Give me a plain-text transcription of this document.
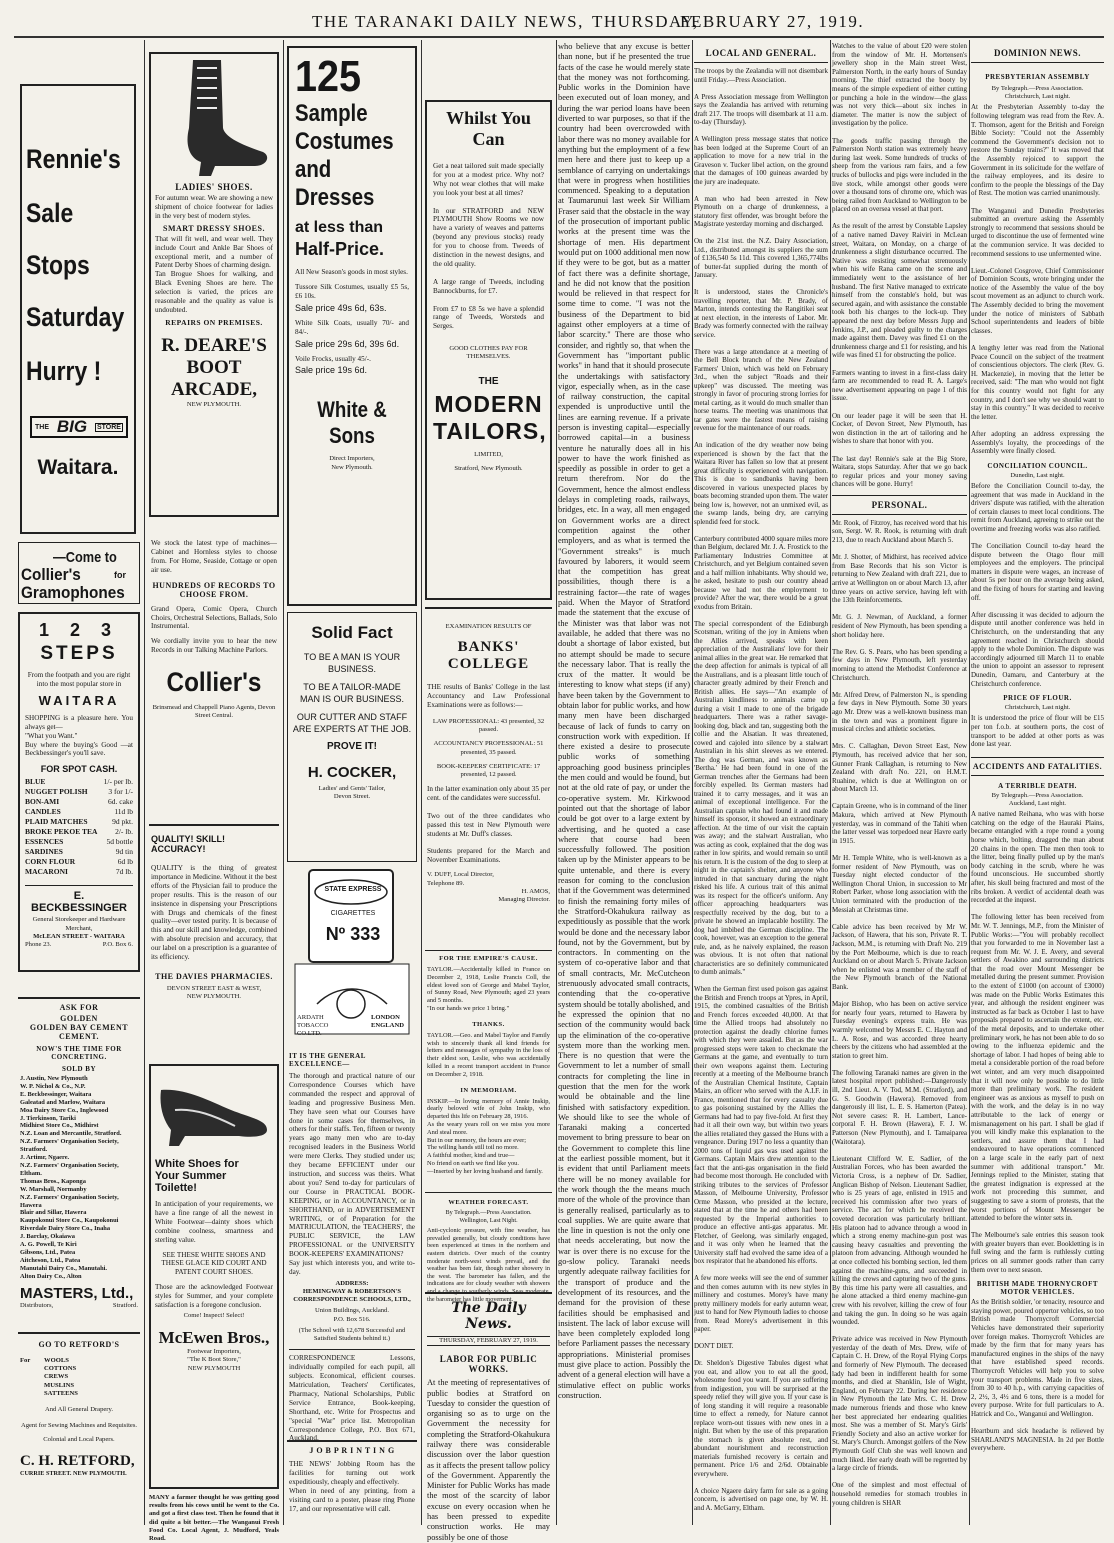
THE TARANAKI DAILY NEWS, THURSDAY,
FEBRUARY 27, 1919.
Rennie's
Sale
Stops
Saturday
Hurry !
THE BIG STORE
Waitara.
—Come to
Collier's	for
Gramophones
1 2 3
STEPS
From the footpath and you are right into the most popular store in
WAITARA
SHOPPING is a pleasure here. You always get—
"What you Want."
Buy where the buying's Good —at Beckbessinger's you'll save.
FOR SPOT CASH.
BLUE	1/- per lb.
NUGGET POLISH	3 for 1/-
BON-AMI	6d. cake
CANDLES	11d lb
PLAID MATCHES	9d pkt.
BROKE PEKOE TEA 2/- lb.
ESSENCES	5d bottle
SARDINES	9d tin
CORN FLOUR	6d lb
MACARONI	7d lb.
E. BECKBESSINGER
General Storekeeper and Hardware Merchant,
McLEAN STREET - WAITARA
Phone 23.	P.O. Box 6.
ASK FOR
GOLDEN
GOLDEN BAY CEMENT
CEMENT.
NOW'S THE TIME FOR CONCRETING.
SOLD BY
J. Austin, New Plymouth
W. P. Nichol & Co., N.P.
E. Beckbessinger, Waitara
Galeatad and Marlow, Waitara
Moa Dairy Store Co., Inglewood
J. Tierkinson, Tariki
Midhirst Store Co., Midhirst
N.Z. Loan and Mercantile, Stratford.
N.Z. Farmers' Organisation Society, Stratford.
J. Artimr, Ngaere.
N.Z. Farmers' Organisation Society, Eltham.
Thomas Bros., Kaponga
W. Marshall, Normanby
N.Z. Farmers' Organisation Society, Hawera
Blair and Sillar, Hawera
Kaupokonui Store Co., Kaupokonui
Riverdale Dairy Store Co., Inaha
J. Barclay, Okaiawa
A. G. Powell, Te Kiri
Gibsons, Ltd., Patea
Aitcheson, Ltd., Patea
Manutahi Dairy Co., Manutahi.
Alton Dairy Co., Alton
MASTERS, Ltd.,
Distributors,	Stratford.
GO TO RETFORD'S
For	WOOLS
COTTONS
CREWS
MUSLINS
SATTEENS
And All General Drapery.
Agent for Sewing Machines and Requisites.
Colonial and Local Papers.
C. H. RETFORD,
CURRIE STREET. NEW PLYMOUTH.
LADIES' SHOES.
For autumn wear. We are showing a new shipment of choice footwear for ladies in the very best of modern styles.
SMART DRESSY SHOES.
That will fit well, and wear well. They include Court and Ankle Bar Shoes of exceptional merit, and a number of Patent Derby Shoes of charming design.
Tan Brogue Shoes for walking, and Black Evening Shoes are here. The selection is varied, the prices are reasonable and the quality as value is undoubted.
REPAIRS ON PREMISES.
R. DEARE'S
BOOT
ARCADE,
NEW PLYMOUTH.
We stock the latest type of machines—Cabinet and Hornless styles to choose from. For Home, Seaside, Cottage or open air use.
HUNDREDS OF RECORDS TO CHOOSE FROM.
Grand Opera, Comic Opera, Church Choirs, Orchestral Selections, Ballads, Solo Instrumental.
We cordially invite you to hear the new Records in our Talking Machine Parlors.
Collier's
Brinsmead and Chappell Piano Agents, Devon Street Central.
QUALITY! SKILL! ACCURACY!
QUALITY is the thing of greatest importance in Medicine. Without it the best efforts of the Physician fail to produce the proper results. This is the reason of our insistence in dispensing your Prescriptions with Drugs and chemicals of the finest quality—ever tested purity. It is because of this and our skill and knowledge, combined with absolute precision and accuracy, that our label on a prescription is a guarantee of its efficiency.
THE DAVIES PHARMACIES.
DEVON STREET EAST & WEST,
NEW PLYMOUTH.
White Shoes for
Your Summer
Toilette!
In anticipation of your requirements, we have a fine range of all the newest in White Footwear—dainty shoes which combine coolness, smartness and sterling value.
SEE THESE WHITE SHOES AND THESE GLACE KID COURT AND PATENT COURT SHOES.
Those are the acknowledged Footwear styles for Summer, and your complete satisfaction is a foregone conclusion.
Come! Inspect! Select!
McEwen Bros.,
Footwear Importers,
"The K Boot Store,"
NEW PLYMOUTH
MANY a farmer thought he was getting good results from his cows until he went to the Co. and got a first class test. Then he found that it did quite a bit better.—The Wanganui Fresh Food Co. Local Agent, J. Mudford, Yeals Road.
125
Sample
Costumes
and
Dresses
at less than
Half-Price.
All New Season's goods in most styles.
Tussore Silk Costumes, usually £5 5s, £6 10s.
Sale price 49s 6d, 63s.
White Silk Coats, usually 70/- and 84/-.
Sale price 29s 6d, 39s 6d.
Voile Frocks, usually 45/-.
Sale price 19s 6d.
White & Sons
Direct Importers,
New Plymouth.
Solid Fact
TO BE A MAN IS YOUR BUSINESS.
TO BE A TAILOR-MADE MAN IS OUR BUSINESS.
OUR CUTTER AND STAFF ARE EXPERTS AT THE JOB.
PROVE IT!
H. COCKER,
Ladies' and Gents' Tailor,
Devon Street.
STATE EXPRESS
CIGARETTES
Nº 333
ARDATH TOBACCO CO.LTD.
LONDON ENGLAND
IT IS THE GENERAL EXCELLENCE—
The thorough and practical nature of our Correspondence Courses which have commanded the respect and approval of leading and progressive Business Men. They have seen what our Courses have done in some cases for themselves, in others for their staffs. Ten, fifteen or twenty years ago many men who are to-day recognised leaders in the Business World were mere Clerks. They studied under us; they became EFFICIENT under our instruction, and success was theirs. What about you? Send to-day for particulars of our Course in PRACTICAL BOOK-KEEPING, or in ACCOUNTANCY, or in SHORTHAND, or in ADVERTISEMENT WRITING, or of Preparation for the MATRICULATION, the TEACHERS', the PUBLIC SERVICE, the LAW PROFESSIONAL or the UNIVERSITY BOOK-KEEPERS' EXAMINATIONS?
Say just which interests you, and write to-day.
ADDRESS:
HEMINGWAY & ROBERTSON'S CORRESPONDENCE SCHOOLS, LTD.,
Union Buildings, Auckland.
P.O. Box 516.
(The School with 12,678 Successful and Satisfied Students behind it.)
CORRESPONDENCE Lessons, individually compiled for each pupil, all subjects. Economical, efficient courses. Matriculation, Teachers' Certificates, Pharmacy, National Scholarships, Public Service Entrance, Book-keeping, Shorthand, etc. Write for Prospectus and "special "War" price list. Metropolitan Correspondence College, P.O. Box 671, Auckland.
J O B P R I N T I N G
THE NEWS' Jobbing Room has the facilities for turning out work expeditiously, cheaply and effectively.
When in need of any printing, from a visiting card to a poster, please ring Phone 17, and our representative will call.
Whilst You Can
Get a neat tailored suit made specially for you at a modest price. Why not? Why not wear clothes that will make you look your best at all times?

In our STRATFORD and NEW PLYMOUTH Show Rooms we now have a variety of weaves and patterns (beyond any previous stocks) ready for you to choose from. Tweeds of distinction in the newest designs, and the old quality.

A large range of Tweeds, including Bannockburns, for £7.

From £7 to £8 5s we have a splendid range of Tweeds, Worsteds and Serges.
GOOD CLOTHES PAY FOR THEMSELVES.
THE
MODERN
TAILORS,
LIMITED,
Stratford, New Plymouth.
EXAMINATION RESULTS OF
BANKS' COLLEGE
THE results of Banks' College in the last Accountancy and Law Professional Examinations were as follows:—
LAW PROFESSIONAL: 43 presented, 32 passed.
ACCOUNTANCY PROFESSIONAL: 51 presented, 35 passed.
BOOK-KEEPERS' CERTIFICATE: 17 presented, 12 passed.
In the latter examination only about 35 per cent. of the candidates were successful.

Two out of the three candidates who passed this test in New Plymouth were students at Mr. Duff's classes.

Students prepared for the March and November Examinations.
V. DUFF, Local Director,
Telephone 89.
H. AMOS,
Managing Director.
FOR THE EMPIRE'S CAUSE.
TAYLOR.—Accidentally killed in France on December 2, 1918, Leslie Francis Coll, the eldest loved son of George and Mabel Taylor, of Sunny Road, New Plymouth; aged 23 years and 5 months.
"In our hands we price 1 bring."
THANKS.
TAYLOR.—Geo. and Mabel Taylor and Family wish to sincerely thank all kind friends for letters and messages of sympathy in the loss of their eldest son, Leslie, who was accidentally killed in a recent transport accident in France on December 2, 1918.
IN MEMORIAM.
INSKIP.—In loving memory of Annie Inskip, dearly beloved wife of John Inskip, who departed this life on February 28, 1916.
As the weary years roll on we miss you more And steal more.
But in our memory, the hours are ever;
The willing hands still toil no more.
A faithful mother, kind and true—
No friend on earth we find like you.
—Inserted by her loving husband and family.
WEATHER FORECAST.
By Telegraph.—Press Association.
Wellington, Last Night.
Anti-cyclonic pressure, with fine weather, has prevailed generally, but cloudy conditions have been experienced at times in the northern and eastern districts. Over much of the country moderate north-west winds prevail, and the weather has been fair, though rather showery in the west. The barometer has fallen, and the indications are for cloudy weather with showers and a change to southerly winds. Seas moderate, the barometer has little movement.
The Daily News.
THURSDAY, FEBRUARY 27, 1919.
LABOR FOR PUBLIC WORKS.
At the meeting of representatives of public bodies at Stratford on Tuesday to consider the question of organising so as to urge on the Government the necessity for completing the Stratford-Okahukura railway there was considerable discussion over the labor question as it affects the present tallow policy of the Government. Apparently the Minister for Public Works has made the most of the scarcity of labor excuse on every occasion when he has been pressed to expedite construction works. He may possibly be one of those
who believe that any excuse is better than none, but if he presented the true facts of the case he would merely state that the money was not forthcoming. Public works in the Dominion have been executed out of loan money, and during the war period loans have been diverted to war purposes, so that if the country had been overcrowded with labor there was no money available for anything but the employment of a few men here and there just to keep up a semblance of carrying on undertakings that were in progress when hostilities commenced. Speaking to a deputation at Taumarunui last week Sir William Fraser said that the obstacle in the way of the prosecution of important public works at the present time was the shortage of men. His department would put on 1000 additional men now if they were to be got, but as a matter of fact there was a definite shortage, and he did not know that the position would be relieved in that respect for some time to come. "I was not the business of the Department to bid against other employers at a time of labor scarcity." There are those who consider, and rightly so, that when the Government has "important public works" in hand that it should prosecute the undertakings with satisfactory vigor, especially when, as in the case of railway construction, the capital expended is unproductive until the lines are earning revenue. If a private person is investing capital—especially borrowed capital—in a business venture he naturally does all in his power to have the work finished as speedily as possible in order to get a return therefrom. Nor do the Government, hence the almost endless delays in completing roads, railways, bridges, etc. In a way, all men engaged on Government works are a direct competition against the other employers, and as what is termed the "Government streaks" is much favoured by laborers, it would seem that the competition has great possibilities, though there is a restraining factor—the rate of wages paid. When the Mayor of Stratford made the statement that the excuse of the Minister was that labor was not available, he added that there was no doubt a shortage of labor existed, but no attempt should be made to secure the necessary labor. That is really the crux of the matter. It would be interesting to know what steps (if any) have been taken by the Government to obtain labor for public works, and how many men have been discharged because of lack of funds to carry on construction work with expedition. If there existed a desire to prosecute public works of something approaching good business principles the men could and would be found, but not at the old rate of pay, or under the co-operative system. Mr. Kirkwood pointed out that the shortage of labor could be got over to a large extent by advertising, and he quoted a case where that course had been successfully followed. The position taken up by the Minister appears to be quite untenable, and there is every reason for coming to the conclusion that if the Government was determined to finish the remaining forty miles of the Stratford-Okahukura railway as expeditiously as possible that the work would be done and the necessary labor found, not by the Government, but by contractors. In commenting on the system of co-operative labor and that of small contracts, Mr. McCutcheon strenuously advocated small contracts, contending that the co-operative system should be totally abolished, and he expressed the opinion that no section of the community would back up the elimination of the co-operative system more than the working men. There is no question that were the Government to let a number of small contracts for completing the line in question that the men for the work would be obtainable and the line finished with satisfactory expedition. We should like to see the whole of Taranaki making a concerted movement to bring pressure to bear on the Government to complete this line at the earliest possible moment, but it is evident that until Parliament meets there will be no money available for the work though the the means much more of the whole of the province than is generally realised, particularly as to coal supplies. We are quite aware that the line in question is not the only one that needs accelerating, but now the war is over there is no excuse for the go-slow policy. Taranaki needs urgently adequate railway facilities for the transport of produce and the development of its resources, and the demand for the provision of these facilities should be emphasised and insistent. The lack of labor excuse will have been completely exploded long before Parliament passes the necessary appropriations. Ministerial promises must give place to action. Possibly the advent of a general election will have a stimulative effect on public works construction.
LOCAL AND GENERAL.
The troops by the Zealandia will not disembark until Friday.—Press Association.

A Press Association message from Wellington says the Zealandia has arrived with returning draft 217. The troops will disembark at 11 a.m. to-day (Thursday).

A Wellington press message states that notice has been lodged at the Supreme Court of an application to move for a new trial in the Graveson v. Tucker libel action, on the ground that the damages of 100 guineas awarded by the jury are inadequate.

A man who had been arrested in New Plymouth on a charge of drunkenness, a statutory first offender, was brought before the Magistrate yesterday morning and discharged.

On the 21st inst. the N.Z. Dairy Association, Ltd., distributed amongst its suppliers the sum of £136,540 5s 11d. This covered 1,365,774lbs of butter-fat supplied during the month of January.

It is understood, states the Chronicle's travelling reporter, that Mr. P. Brady, of Marton, intends contesting the Rangitikei seat at next election, in the interests of Labor. Mr. Brady was formerly connected with the railway service.

There was a large attendance at a meeting of the Bell Block branch of the New Zealand Farmers' Union, which was held on February 3rd., when the subject "Roads and their upkeep" was discussed. The meeting was strongly in favor of procuring strong lorries for metal carting, as it would do much smaller than horse teams. The meeting was unanimous that tar gates were the fastest means of raising revenue for the maintenance of our roads.

An indication of the dry weather now being experienced is shown by the fact that the Waitara River has fallen so low that at present great difficulty is experienced with navigation. This is due to sandbanks having been discovered in various unexpected places by boats becoming stranded upon them. The water being low is, however, not an unmixed evil, as the swamp lands, being dry, are carrying splendid feed for stock.

Canterbury contributed 4000 square miles more than Belgium, declared Mr. J. A. Frostick to the Parliamentary Industries Committee at Christchurch, and yet Belgium contained seven and a half million inhabitants. Why should we, he asked, hesitate to push our country ahead because we had not the employment to provide? After the war, there would be a great exodus from Britain.

The special correspondent of the Edinburgh Scotsman, writing of the joy in Amiens when the Allies arrived, speaks with keen appreciation of the Australians' love for their animal allies in the great war. He remarked that the deep affection for animals is typical of all the Australians, and is a pleasant little touch of character greatly admired by their French and British allies. He says—"An example of Australian kindliness to animals came up during a visit I made to one of the brigade headquarters. There was a rather savage-looking dog, black and tan, suggesting both the collie and the Alsatian. It was threatened, cowed and cajoled into silence by a stalwart Australian in his shirt sleeves as we entered. The dog was German, and was known as 'Bertha.' He had been found in one of the German trenches after the Germans had been forcibly expelled. Its German masters had trained it to carry messages, and it was an animal of exceptional intelligence. For the Australian captain who had found it and made himself its sponsor, it showed an extraordinary affection. At the time of our visit the captain was away; and the stalwart Australian, who was acting as cook, explained that the dog was rather in low spirits, and would remain so until his return. It is the custom of the dog to sleep at night in the captain's shelter, and anyone who intruded in that sanctuary during the night risked his life. A curious trait of this animal was its respect for the officer's uniform. Any officer approaching headquarters was respectfully received by the dog, but to a private he showed an implacable hostility. The dog had imbibed the German discipline. The cook, however, was an exception to the general rule, and, as he naively explained, the reason was obvious. It is not often that national characteristics are so definitely communicated to dumb animals."

When the German first used poison gas against the British and French troops at Ypres, in April, 1915, the combined casualties of the British and French forces exceeded 40,000. At that time the Allied troops had absolutely no protection against the deadly chlorine fumes with which they were assailed. But as the war progressed steps were taken to checkmate the Germans at the game, and eventually to turn their own weapons against them. Lecturing recently at a meeting of the Melbourne branch of the Australian Chemical Institute, Captain Mairs, an officer who served with the A.I.F. in France, mentioned that for every casualty due to gas poisoning sustained by the Allies the Germans had had to pay five-fold. At first they had it all their own way, but within two years the allies retaliated they gassed the Huns with a vengeance. During 1917 no less a quantity than 2000 tons of liquid gas was used against the Germans. Captain Mairs drew attention to the fact that the anti-gas organisation in the field had become most thorough. He concluded with striking tributes to the services of Professor Masson, of Melbourne University, Professor Orme Masson, who presided at the lecture, stated that at the time he and others had been requested by the Imperial authorities to produce an effective anti-gas apparatus. Mr. Fletcher, of Geelong, was similarly engaged, and it was only when he learned that the University staff had evolved the same idea of a box respirator that he abandoned his efforts.

A few more weeks will see the end of summer and then comes autumn with its new styles in millinery and costumes. Morey's have many pretty millinery models for early autumn wear, just to hand for New Plymouth ladies to choose from. Read Morey's advertisement in this paper.

DON'T DIET.

Dr. Sheldon's Digestive Tabules digest what you eat, and allow you to eat all the good, wholesome food you want. If you are suffering from indigestion, you will be surprised at the speedy relief they will give you. If your case is of long standing it will require a reasonable time to effect a remedy, for Nature cannot replace worn-out tissues with new ones in a night. But when by the use of this preparation the stomach is given absolute rest, and abundant nourishment and reconstruction materials furnished recovery is certain and permanent. Price 1/6 and 2/6d. Obtainable everywhere.

A choice Ngaere dairy farm for sale as a going concern, is advertised on page one, by W. H. and A. McGarry, Eltham.
Watches to the value of about £20 were stolen from the window of Mr. H. Mortensen's jewellery shop in the Main street West, Palmerston North, in the early hours of Sunday morning. The thief extracted the booty by means of the simple expedient of either cutting or punching a hole in the window—the glass was not very thick—about six inches in diameter. The matter is now the subject of investigation by the police.

The goods traffic passing through the Palmerston North station was extremely heavy during last week. Some hundreds of trucks of sheep from the various ram fairs, and a few trucks of bullocks and pigs were included in the live stock, while amongst other goods were over a thousand tons of chrome ore, which was being railed from Auckland to Wellington to be placed on an oversea vessel at that port.

As the result of the arrest by Constable Lapsley of a native named Davey Raiviri in McLean street, Waitara, on Monday, on a charge of drunkenness a slight disturbance occurred. The Native was resisting somewhat strenuously when his wife Rana came on the scene and immediately went to the assistance of her husband. The first Native managed to extricate himself from the constable's hold, but was secured again, and with assistance the constable took both his charges to the lock-up. They appeared the next day before Messrs Jupp and Jenkins, J.P., and pleaded guilty to the charges made against them. Davey was fined £1 on the drunkenness charge and £1 for resisting, and his wife was fined £1 for obstructing the police.

Farmers wanting to invest in a first-class dairy farm are recommended to read R. A. Large's new advertisement appearing on page 1 of this issue.

On our leader page it will be seen that H. Cocker, of Devon Street, New Plymouth, has won distinction in the art of tailoring and he wishes to share that honor with you.

The last day! Rennie's sale at the Big Store, Waitara, stops Saturday. After that we go back to regular prices and your money saving chances will be gone. Hurry!
PERSONAL.
Mr. Rook, of Fitzroy, has received word that his son, Sergt. W. R. Rook, is returning with draft 213, due to reach Auckland about March 5.

Mr. J. Shotter, of Midhirst, has received advice from Base Records that his son Victor is returning to New Zealand with draft 221, due to arrive at Wellington on or about March 13, after three years on active service, having left with the 13th Reinforcements.

Mr. G. J. Newman, of Auckland, a former resident of New Plymouth, has been spending a short holiday here.

The Rev. G. S. Pears, who has been spending a few days in New Plymouth, left yesterday morning to attend the Methodist Conference at Christchurch.

Mr. Alfred Drew, of Palmerston N., is spending a few days in New Plymouth. Some 30 years ago Mr. Drew was a well-known business man in the town and was a prominent figure in musical circles and athletic societies.

Mrs. C. Callaghan, Devon Street East, New Plymouth, has received advice that her son, Gunner Frank Callaghan, is returning to New Zealand with draft No. 221, on H.M.T. Ruahine, which is due at Wellington on or about March 13.

Captain Greene, who is in command of the liner Makura, which arrived at New Plymouth yesterday, was in command of the Tahiti when the latter vessel was torpedoed near Havre early in 1915.

Mr H. Temple White, who is well-known as a former resident of New Plymouth, was on Tuesday night elected conductor of the Wellington Choral Union, in succession to Mr Robert Parker, whose long association with the Union terminated with the production of the Messiah at Christmas time.

Cable advice has been received by Mr W. Jackson, of Hawera, that his son, Private R. T. Jackson, M.M., is returning with Draft No. 219 by the Port Melbourne, which is due to reach Auckland on or about March 5. Private Jackson when he enlisted was a member of the staff of the New Plymouth branch of the National Bank.

Major Bishop, who has been on active service for nearly four years, returned to Hawera by Tuesday evening's express train. He was warmly welcomed by Messrs E. C. Hayton and L. A. Rose, and was accorded three hearty cheers by the citizens who had assembled at the station to greet him.

The following Taranaki names are given in the latest hospital report published:—Dangerously ill, 2nd Lieut. A. V. Tod, M.M. (Stratford), and G. S. Goodwin (Hawera). Removed from dangerously ill list, L. E. S. Hamerton (Patea). Not severe cases: R. H. Lambert, Lance-corporal F. H. Brown (Hawera), F. J. W. Patterson (New Plymouth), and I. Tamaiparea (Waitotara).

Lieutenant Clifford W. E. Sadlier, of the Australian Forces, who has been awarded the Victoria Cross, is a nephew of Dr. Sadlier, Anglican Bishop of Nelson. Lieutenant Sadlier, who is 25 years of age, enlisted in 1915 and received his commission after two years of service. The act for which he received the coveted decoration was particularly brilliant. His platoon had to advance through a wood in which a strong enemy machine-gun post was causing heavy casualties and preventing the platoon from advancing. Although wounded he at once collected his bombing section, led them against the machine-guns, and succeeded in killing the crews and capturing two of the guns. By this time his party were all casualties, and he alone attacked a third enemy machine-gun crew with his revolver, killing the crew of four and taking the gun. In doing so he was again wounded.

Private advice was received in New Plymouth yesterday of the death of Mrs. Drew, wife of Captain C. H. Drew, of the Royal Flying Corps and formerly of New Plymouth. The deceased lady had been in indifferent health for some months, and died at Shanklin, Isle of Wight, England, on February 22. During her residence in New Plymouth the late Mrs. C. H. Drew made numerous friends and those who knew her best appreciated her endearing qualities most. She was a member of St. Mary's Girls' Friendly Society and also an active worker for St. Mary's Church. Amongst golfers of the New Plymouth Golf Club she was well known and much liked. Her early death will be regretted by a large circle of friends.

One of the simplest and most effectual of household remedies for stomach troubles in young children is SHAR
DOMINION NEWS.
PRESBYTERIAN ASSEMBLY
By Telegraph.—Press Association.
Christchurch, Last night.
At the Presbyterian Assembly to-day the following telegram was read from the Rev. A. T. Thomson, agent for the British and Foreign Bible Society: "Could not the Assembly commend the Government's decision not to restore the Sunday trains?" It was moved that the Assembly rejoiced to support the Government in its solicitude for the welfare of the railway employees, and its desire to confirm to the people the blessings of the Day of Rest. The motion was carried unanimously.

The Wanganui and Dunedin Presbyteries submitted an overture asking the Assembly strongly to recommend that sessions should be urged to discontinue the use of fermented wine at the communion service. It was decided to recommend sessions to use unfermented wine.

Lieut.-Colonel Cosgrove, Chief Commissioner of Dominion Scouts, wrote bringing under the notice of the Assembly the value of the boy scout movement as an adjunct to church work. The Assembly decided to bring the movement under the notice of ministers of Sabbath School superintendents and leaders of bible classes.

A lengthy letter was read from the National Peace Council on the subject of the treatment of conscientious objectors. The clerk (Rev. G. H. Mackenzie), in moving that the letter be received, said: "The man who would not fight for this country would not fight for any country, and I don't see why we should want to stay in this country." It was decided to receive the letter.

After adopting an address expressing the Assembly's loyalty, the proceedings of the Assembly were finally closed.
CONCILIATION COUNCIL.
Dunedin, Last night.
Before the Conciliation Council to-day, the agreement that was made in Auckland in the drivers' dispute was ratified, with the alteration of certain clauses to meet local conditions. The remit from Auckland, agreeing to strike out the overtime and freezing works was also ratified.

The Conciliation Council to-day heard the dispute between the Otago flour mill employees and the employers. The principal matters in dispute were wages, an increase of about 5s per hour on the average being asked, and the fixing of hours for starting and leaving off.

After discussing it was decided to adjourn the dispute until another conference was held in Christchurch, on the understanding that any agreement reached in Christchurch should apply to the whole Dominion. The dispute was accordingly adjourned till March 11 to enable the union to appoint an assessor to represent Dunedin, Oamaru, and Canterbury at the Christchurch conference.
PRICE OF FLOUR.
Christchurch, Last night.
It is understood the price of flour will be £15 per ton f.o.b. at southern ports, the cost of transport to be added at other ports as was done last year.
ACCIDENTS AND FATALITIES.
A TERRIBLE DEATH.
By Telegraph.—Press Association.
Auckland, Last night.
A native named Reihana, who was with horse catching on the edge of the Hauraki Plains, became entangled with a rope round a young horse which, bolting, dragged the man about 20 chains in the open. The men then took to the litter, being finally pulled up by the man's body catching in the scrub, where he was found unconscious. He succumbed shortly after, his skull being fractured and most of the ribs broken. A verdict of accidental death was recorded at the inquest.

The following letter has been received from Mr. W. T. Jennings, M.P., from the Minister of Public Works:—"You will probably recollect that you forwarded to me in November last a request from Mr. W. J. E. Avery, and several settlers of Awakino and surrounding districts that the road over Mount Messenger be metalled during the present summer. Provision to the extent of £1000 (on account of £3000) was made on the Public Works Estimates this year, and although the resident engineer was instructed as far back as October 1 last to have proposals prepared to ascertain the extent, etc. of the metal deposits, and to undertake other preliminary work, he has not been able to do so owing to the influenza epidemic and the shortage of labor. I had hopes of being able to metal a considerable portion of the road before wet winter, and am very much disappointed that it will now only be possible to do little more than preliminary work. The resident engineer was as anxious as myself to push on with the work, and the delay is in no way attributable to the lack of energy or mismanagement on his part. I shall be glad if you will kindly make this explanation to the settlers, and assure them that I had endeavoured to have operations commenced on a large scale in the early part of next summer with additional transport." Mr. Jennings replied to the Minister, stating that the greatest indignation is expressed at the work not proceeding this summer, and suggesting to save a storm of protests, that the worst portions of Mount Messenger be attended to before the winter sets in.

The Melbourne's sale entries this season took with greater buyers than ever. Bookletting is in full swing and the farm is ruthlessly cutting prices on all summer goods rather than carry them over to next season.
BRITISH MADE THORNYCROFT MOTOR VEHICLES.
As the British soldier, 'or tenacity, resource and staying power, poured oppertor vehicles, so too British made Thornycroft Commercial Vehicles have demonstrated their superiority over foreign makes. Thornycroft Vehicles are made by the firm that for many years has manufactured engines in the ships of the navy that have established speed records. Thornycroft Vehicles will help you to solve your transport problems. Made in five sizes, from 30 to 40 h.p., with carrying capacities of 2, 2½, 3, 4½ and 6 tons, there is a model for every purpose. Write for full particulars to A. Hatrick and Co., Wanganui and Wellington.

Heartburn and sick headache is relieved by SHARLAND'S MAGNESIA. In 2d per Bottle everywhere.
